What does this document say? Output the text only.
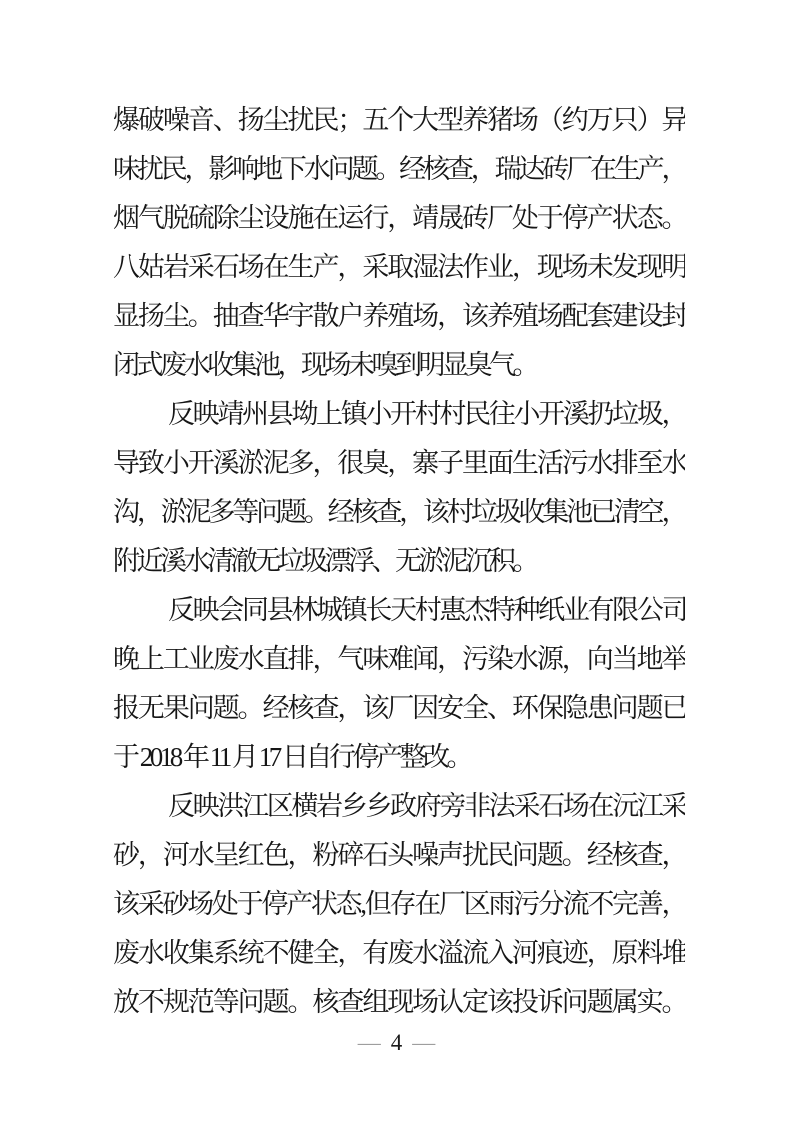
爆破噪音、扬尘扰民；五个大型养猪场（约万只）异
味扰民，影响地下水问题。经核查，瑞达砖厂在生产，
烟气脱硫除尘设施在运行，靖晟砖厂处于停产状态。
八姑岩采石场在生产，采取湿法作业，现场未发现明
显扬尘。抽查华宇散户养殖场，该养殖场配套建设封
闭式废水收集池，现场未嗅到明显臭气。

反映靖州县坳上镇小开村村民往小开溪扔垃圾，
导致小开溪淤泥多，很臭，寨子里面生活污水排至水
沟，淤泥多等问题。经核查，该村垃圾收集池已清空，
附近溪水清澈无垃圾漂浮、无淤泥沉积。

反映会同县林城镇长天村惠杰特种纸业有限公司
晚上工业废水直排，气味难闻，污染水源，向当地举
报无果问题。经核查，该厂因安全、环保隐患问题已
于 2018 年 11 月 17 日自行停产整改。

反映洪江区横岩乡乡政府旁非法采石场在沅江采
砂，河水呈红色，粉碎石头噪声扰民问题。经核查，
该采砂场处于停产状态,但存在厂区雨污分流不完善，
废水收集系统不健全，有废水溢流入河痕迹，原料堆
放不规范等问题。核查组现场认定该投诉问题属实。

— 4 —
